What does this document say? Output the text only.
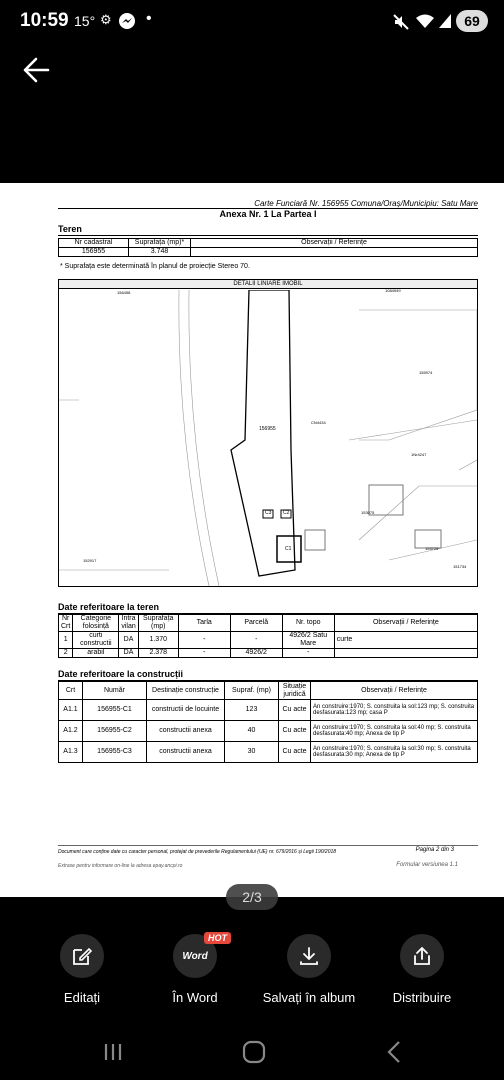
10:59 15° ⚙ •	69
Carte Funciară Nr. 156955 Comuna/Oraș/Municipiu: Satu Mare
Anexa Nr. 1 La Partea I
Teren
Nr cadastral	Suprafața (mp)*	Observații / Referințe
156955	3.748	
* Suprafața este determinată în planul de proiecție Stereo 70.
DETALII LINIARE IMOBIL
156955
C1
C2
C3
156458	1084949
155974
CN4434
1Nr4247
153075
152917
153729
151734
Date referitoare la teren
Nr Crt	Categorie folosință	Intra vilan	Suprafața (mp)	Tarla	Parcelă	Nr. topo	Observații / Referințe
1	curti constructii	DA	1.370	-	-	4926/2 Satu Mare	curte
2	arabil	DA	2.378	-	4926/2	-	
Date referitoare la construcții
Crt	Număr	Destinație construcție	Supraf. (mp)	Situație juridică	Observații / Referințe
A1.1	156955-C1	constructii de locuinte	123	Cu acte	An construire:1970; S. construita la sol:123 mp; S. construita desfasurata:123 mp; casa P
A1.2	156955-C2	constructii anexa	40	Cu acte	An construire:1970; S. construita la sol:40 mp; S. construita desfasurata:40 mp; Anexa de tip P
A1.3	156955-C3	constructii anexa	30	Cu acte	An construire:1970; S. construita la sol:30 mp; S. construita desfasurata:30 mp; Anexa de tip P
Document care conține date cu caracter personal, protejat de prevederile Regulamentului (UE) nr. 679/2016 și Legii 190/2018	Pagina 2 din 3
Extrase pentru informare on-line la adresa epay.ancpi.ro	Formular versiunea 1.1
2/3
Editați
Word
HOT
În Word	Salvați în album	Distribuire
